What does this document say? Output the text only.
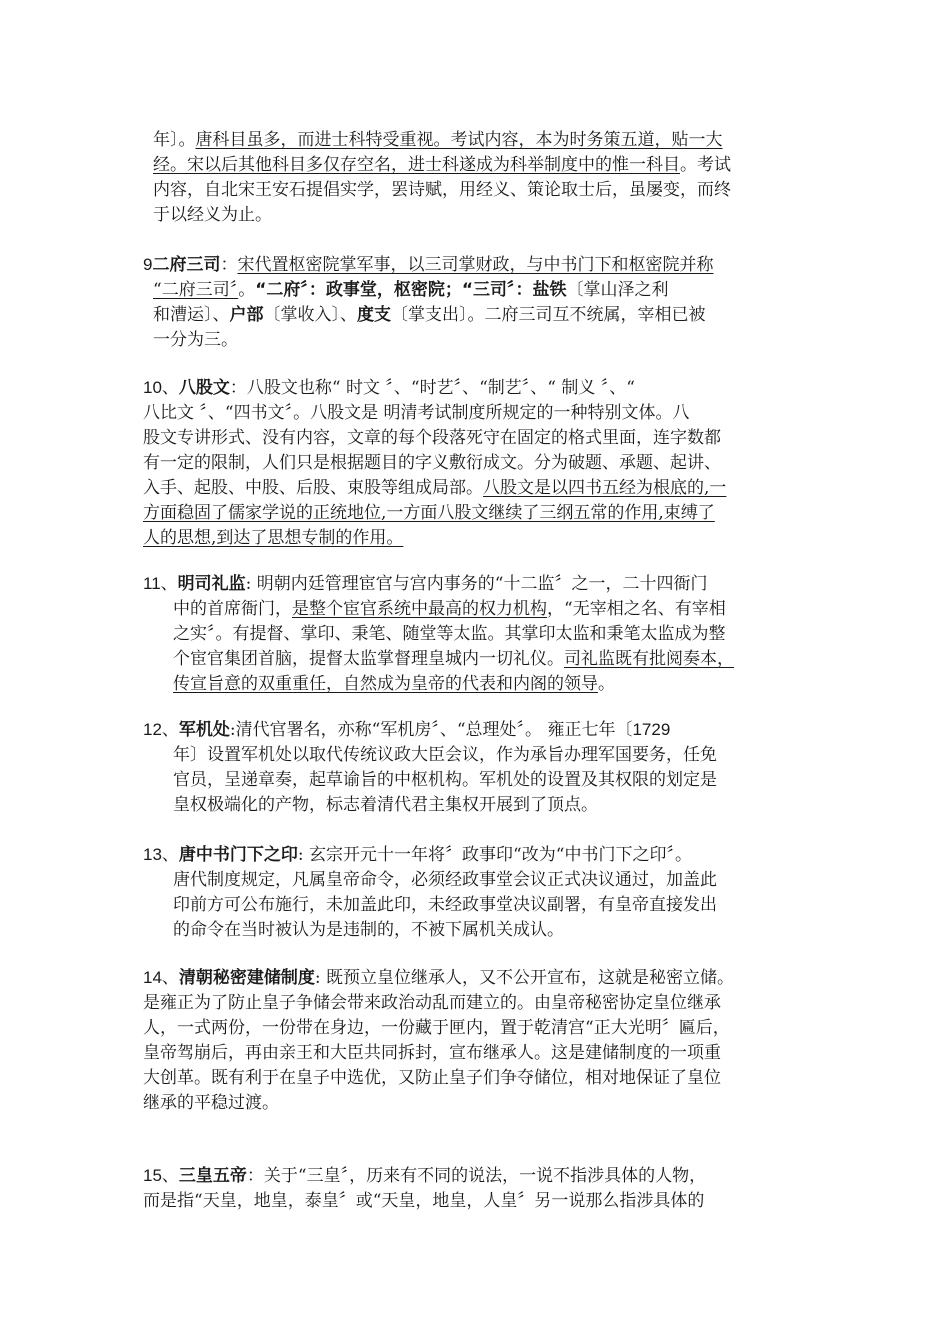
年〕。唐科目虽多，而进士科特受重视。考试内容，本为时务策五道，贴一大
经。宋以后其他科目多仅存空名，进士科遂成为科举制度中的惟一科目。考试
内容，自北宋王安石提倡实学，罢诗赋，用经义、策论取士后，虽屡变，而终
于以经义为止。
9二府三司：宋代置枢密院掌军事，以三司掌财政，与中书门下和枢密院并称
“二府三司〞。“二府〞：政事堂，枢密院；“三司〞：盐铁〔掌山泽之利
和漕运〕、户部〔掌收入〕、度支〔掌支出〕。二府三司互不统属，宰相已被
一分为三。
10、八股文：八股文也称“ 时文 〞、“时艺〞、“制艺〞、“ 制义 〞、“
八比文 〞、“四书文〞。八股文是 明清考试制度所规定的一种特别文体。八
股文专讲形式、没有内容，文章的每个段落死守在固定的格式里面，连字数都
有一定的限制，人们只是根据题目的字义敷衍成文。分为破题、承题、起讲、
入手、起股、中股、后股、束股等组成局部。八股文是以四书五经为根底的,一
方面稳固了儒家学说的正统地位,一方面八股文继续了三纲五常的作用,束缚了
人的思想,到达了思想专制的作用。
11、明司礼监: 明朝内廷管理宦官与宫内事务的“十二监〞之一，二十四衙门
中的首席衙门，是整个宦官系统中最高的权力机构，“无宰相之名、有宰相
之实〞。有提督、掌印、秉笔、随堂等太监。其掌印太监和秉笔太监成为整
个宦官集团首脑，提督太监掌督理皇城内一切礼仪。司礼监既有批阅奏本，
传宣旨意的双重重任，自然成为皇帝的代表和内阁的领导。
12、军机处:清代官署名，亦称“军机房〞、“总理处〞。 雍正七年〔1729
年〕设置军机处以取代传统议政大臣会议，作为承旨办理军国要务，任免
官员，呈递章奏，起草谕旨的中枢机构。军机处的设置及其权限的划定是
皇权极端化的产物，标志着清代君主集权开展到了顶点。
13、唐中书门下之印: 玄宗开元十一年将〞政事印“改为“中书门下之印〞。
唐代制度规定，凡属皇帝命令，必须经政事堂会议正式决议通过，加盖此
印前方可公布施行，未加盖此印，未经政事堂决议副署，有皇帝直接发出
的命令在当时被认为是违制的，不被下属机关成认。
14、清朝秘密建储制度: 既预立皇位继承人，又不公开宣布，这就是秘密立储。
是雍正为了防止皇子争储会带来政治动乱而建立的。由皇帝秘密协定皇位继承
人，一式两份，一份带在身边，一份藏于匣内，置于乾清宫“正大光明〞匾后，
皇帝驾崩后，再由亲王和大臣共同拆封，宣布继承人。这是建储制度的一项重
大创革。既有利于在皇子中选优，又防止皇子们争夺储位，相对地保证了皇位
继承的平稳过渡。
15、三皇五帝：关于“三皇〞，历来有不同的说法，一说不指涉具体的人物，
而是指“天皇，地皇，泰皇〞或“天皇，地皇，人皇〞另一说那么指涉具体的
